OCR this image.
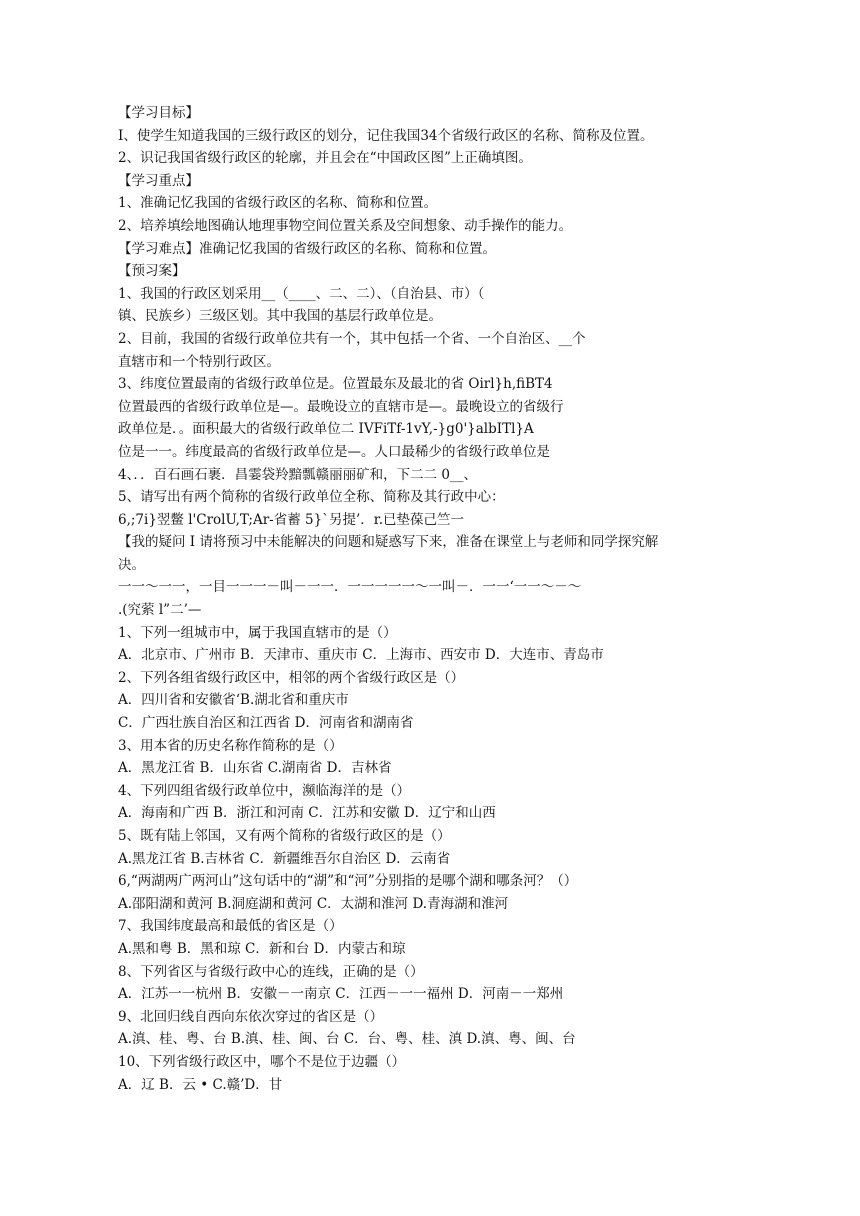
【学习目标】
I、使学生知道我国的三级行政区的划分，记住我国34个省级行政区的名称、简称及位置。
2、识记我国省级行政区的轮廓，并且会在“中国政区图”上正确填图。
【学习重点】
1、准确记忆我国的省级行政区的名称、简称和位置。
2、培养填绘地图确认地理事物空间位置关系及空间想象、动手操作的能力。
【学习难点】准确记忆我国的省级行政区的名称、简称和位置。
【预习案】
1、我国的行政区划采用__（____、二、二）、（自治县、市）（
镇、民族乡）三级区划。其中我国的基层行政单位是。
2、目前，我国的省级行政单位共有一个，其中包括一个省、一个自治区、__个
直辖市和一个特别行政区。
3、纬度位置最南的省级行政单位是。位置最东及最北的省 Oirl}h,fiBT4
位置最西的省级行政单位是—。最晚设立的直辖市是—。最晚设立的省级行
政单位是．。面积最大的省级行政单位二 IVFiTf-1vY,-}g0'}albITl}A
位是一一。纬度最高的省级行政单位是—。人口最稀少的省级行政单位是
4、．．百石画石裹．昌霎袋羚黯瓢赣丽丽矿和，下二二 0__、
5、请写出有两个简称的省级行政单位全称、简称及其行政中心：
6,;7i}翌鳖 l'CrolU,T;Ar-省蓄 5}`另提’．r.已垫葆己竺一
【我的疑问 I 请将预习中未能解决的问题和疑惑写下来，准备在课堂上与老师和同学探究解
决。
一一～一一，一目一一一－叫－一一．一一一一一～一叫－．一一‘一一～－～
.(究萦 l”二’—
1、下列一组城市中，属于我国直辖市的是（）
A．北京市、广州市 B．天津市、重庆市 C．上海市、西安市 D．大连市、青岛市
2、下列各组省级行政区中，相邻的两个省级行政区是（）
A．四川省和安徽省‘B.湖北省和重庆市
C．广西壮族自治区和江西省 D．河南省和湖南省
3、用本省的历史名称作简称的是（）
A．黑龙江省 B．山东省 C.湖南省 D．吉林省
4、下列四组省级行政单位中，濒临海洋的是（）
A．海南和广西 B．浙江和河南 C．江苏和安徽 D．辽宁和山西
5、既有陆上邻国，又有两个简称的省级行政区的是（）
A.黑龙江省 B.吉林省 C．新疆维吾尔自治区 D．云南省
6,“两湖两广两河山”这句话中的“湖”和“河”分别指的是哪个湖和哪条河？（）
A.邵阳湖和黄河 B.洞庭湖和黄河 C．太湖和淮河 D.青海湖和淮河
7、我国纬度最高和最低的省区是（）
A.黑和粤 B．黑和琼 C．新和台 D．内蒙古和琼
8、下列省区与省级行政中心的连线，正确的是（）
A．江苏一一杭州 B．安徽－一南京 C．江西－一一福州 D．河南－一郑州
9、北回归线自西向东依次穿过的省区是（）
A.滇、桂、粤、台 B.滇、桂、闽、台 C．台、粤、桂、滇 D.滇、粤、闽、台
10、下列省级行政区中，哪个不是位于边疆（）
A．辽 B．云 • C.赣’D．甘
